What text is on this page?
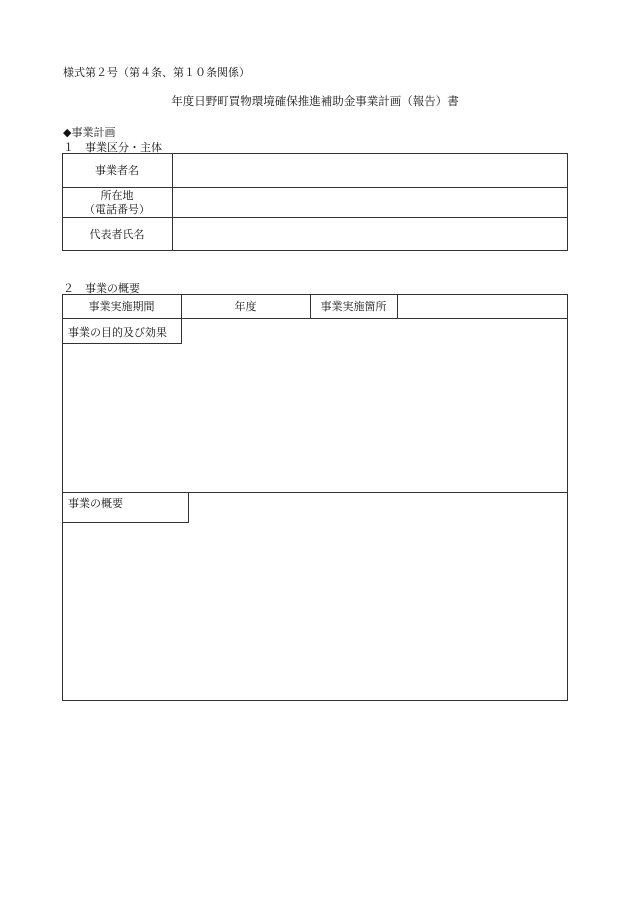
様式第２号（第４条、第１０条関係）
年度日野町買物環境確保推進補助金事業計画（報告）書
◆事業計画
１　事業区分・主体
事業者名
所在地
（電話番号）
代表者氏名
２　事業の概要
事業実施期間	年度	事業実施箇所
事業の目的及び効果
事業の概要
